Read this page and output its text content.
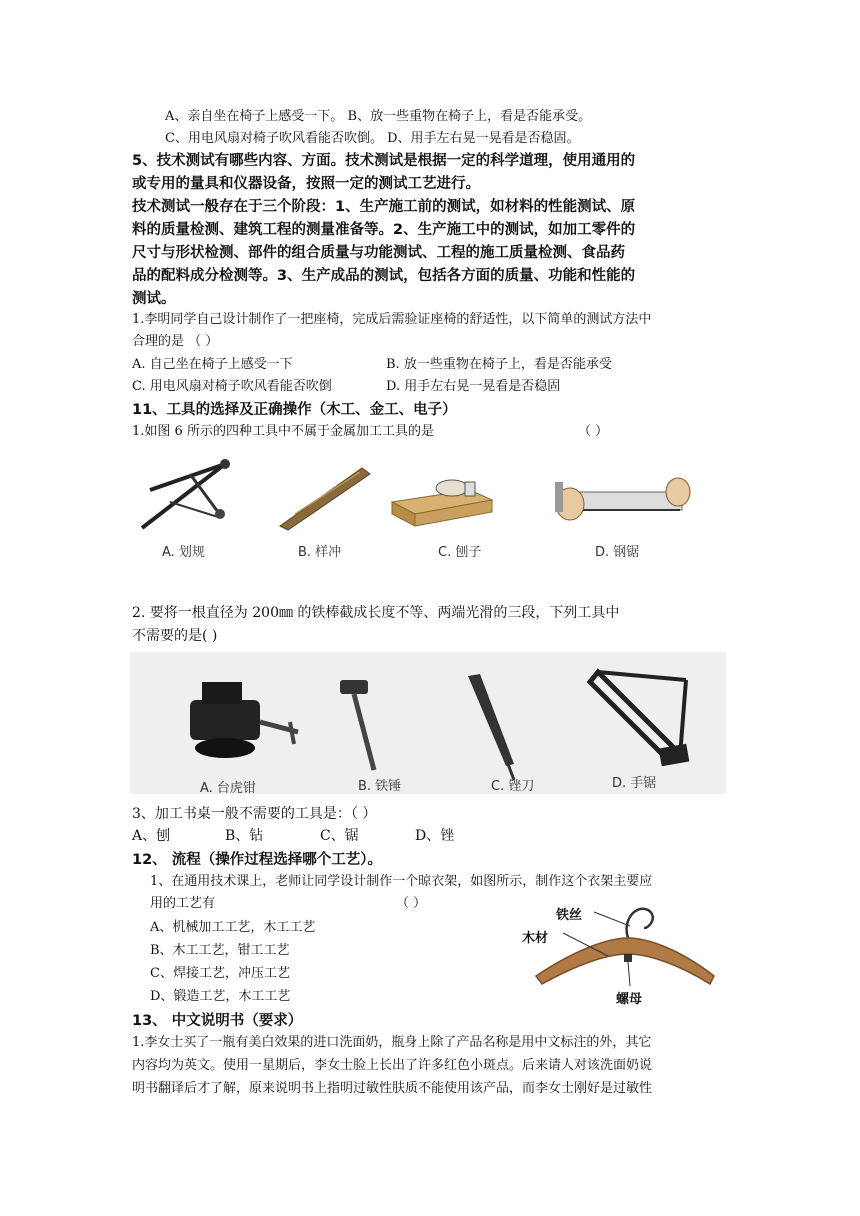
A、亲自坐在椅子上感受一下。 B、放一些重物在椅子上，看是否能承受。
C、用电风扇对椅子吹风看能否吹倒。 D、用手左右晃一晃看是否稳固。
5、技术测试有哪些内容、方面。技术测试是根据一定的科学道理，使用通用的
或专用的量具和仪器设备，按照一定的测试工艺进行。
技术测试一般存在于三个阶段：1、生产施工前的测试，如材料的性能测试、原
料的质量检测、建筑工程的测量准备等。2、生产施工中的测试，如加工零件的
尺寸与形状检测、部件的组合质量与功能测试、工程的施工质量检测、食品药
品的配料成分检测等。3、生产成品的测试，包括各方面的质量、功能和性能的
测试。
1.李明同学自己设计制作了一把座椅，完成后需验证座椅的舒适性，以下简单的测试方法中
合理的是 （ ）
A. 自己坐在椅子上感受一下	B. 放一些重物在椅子上，看是否能承受
C. 用电风扇对椅子吹风看能否吹倒	D. 用手左右晃一晃看是否稳固
11、工具的选择及正确操作（木工、金工、电子）
1.如图 6 所示的四种工具中不属于金属加工工具的是	（ ）
A. 划规	B. 样冲	C. 刨子	D. 钢锯
2. 要将一根直径为 200㎜ 的铁棒截成长度不等、两端光滑的三段，下列工具中
不需要的是( )
A. 台虎钳	B. 铁锤	C. 锉刀	D. 手锯
3、加工书桌一般不需要的工具是：（ ）
A、刨	B、钻	C、锯	D、锉
12、 流程（操作过程选择哪个工艺）。
1、在通用技术课上，老师让同学设计制作一个晾衣架，如图所示，制作这个衣架主要应
用的工艺有	（ ）
A、机械加工工艺，木工工艺
B、木工工艺，钳工工艺
C、焊接工艺，冲压工艺
D、锻造工艺，木工工艺
铁丝
木材
螺母
13、 中文说明书（要求）
1.李女士买了一瓶有美白效果的进口洗面奶，瓶身上除了产品名称是用中文标注的外，其它
内容均为英文。使用一星期后，李女士脸上长出了许多红色小斑点。后来请人对该洗面奶说
明书翻译后才了解，原来说明书上指明过敏性肤质不能使用该产品，而李女士刚好是过敏性
